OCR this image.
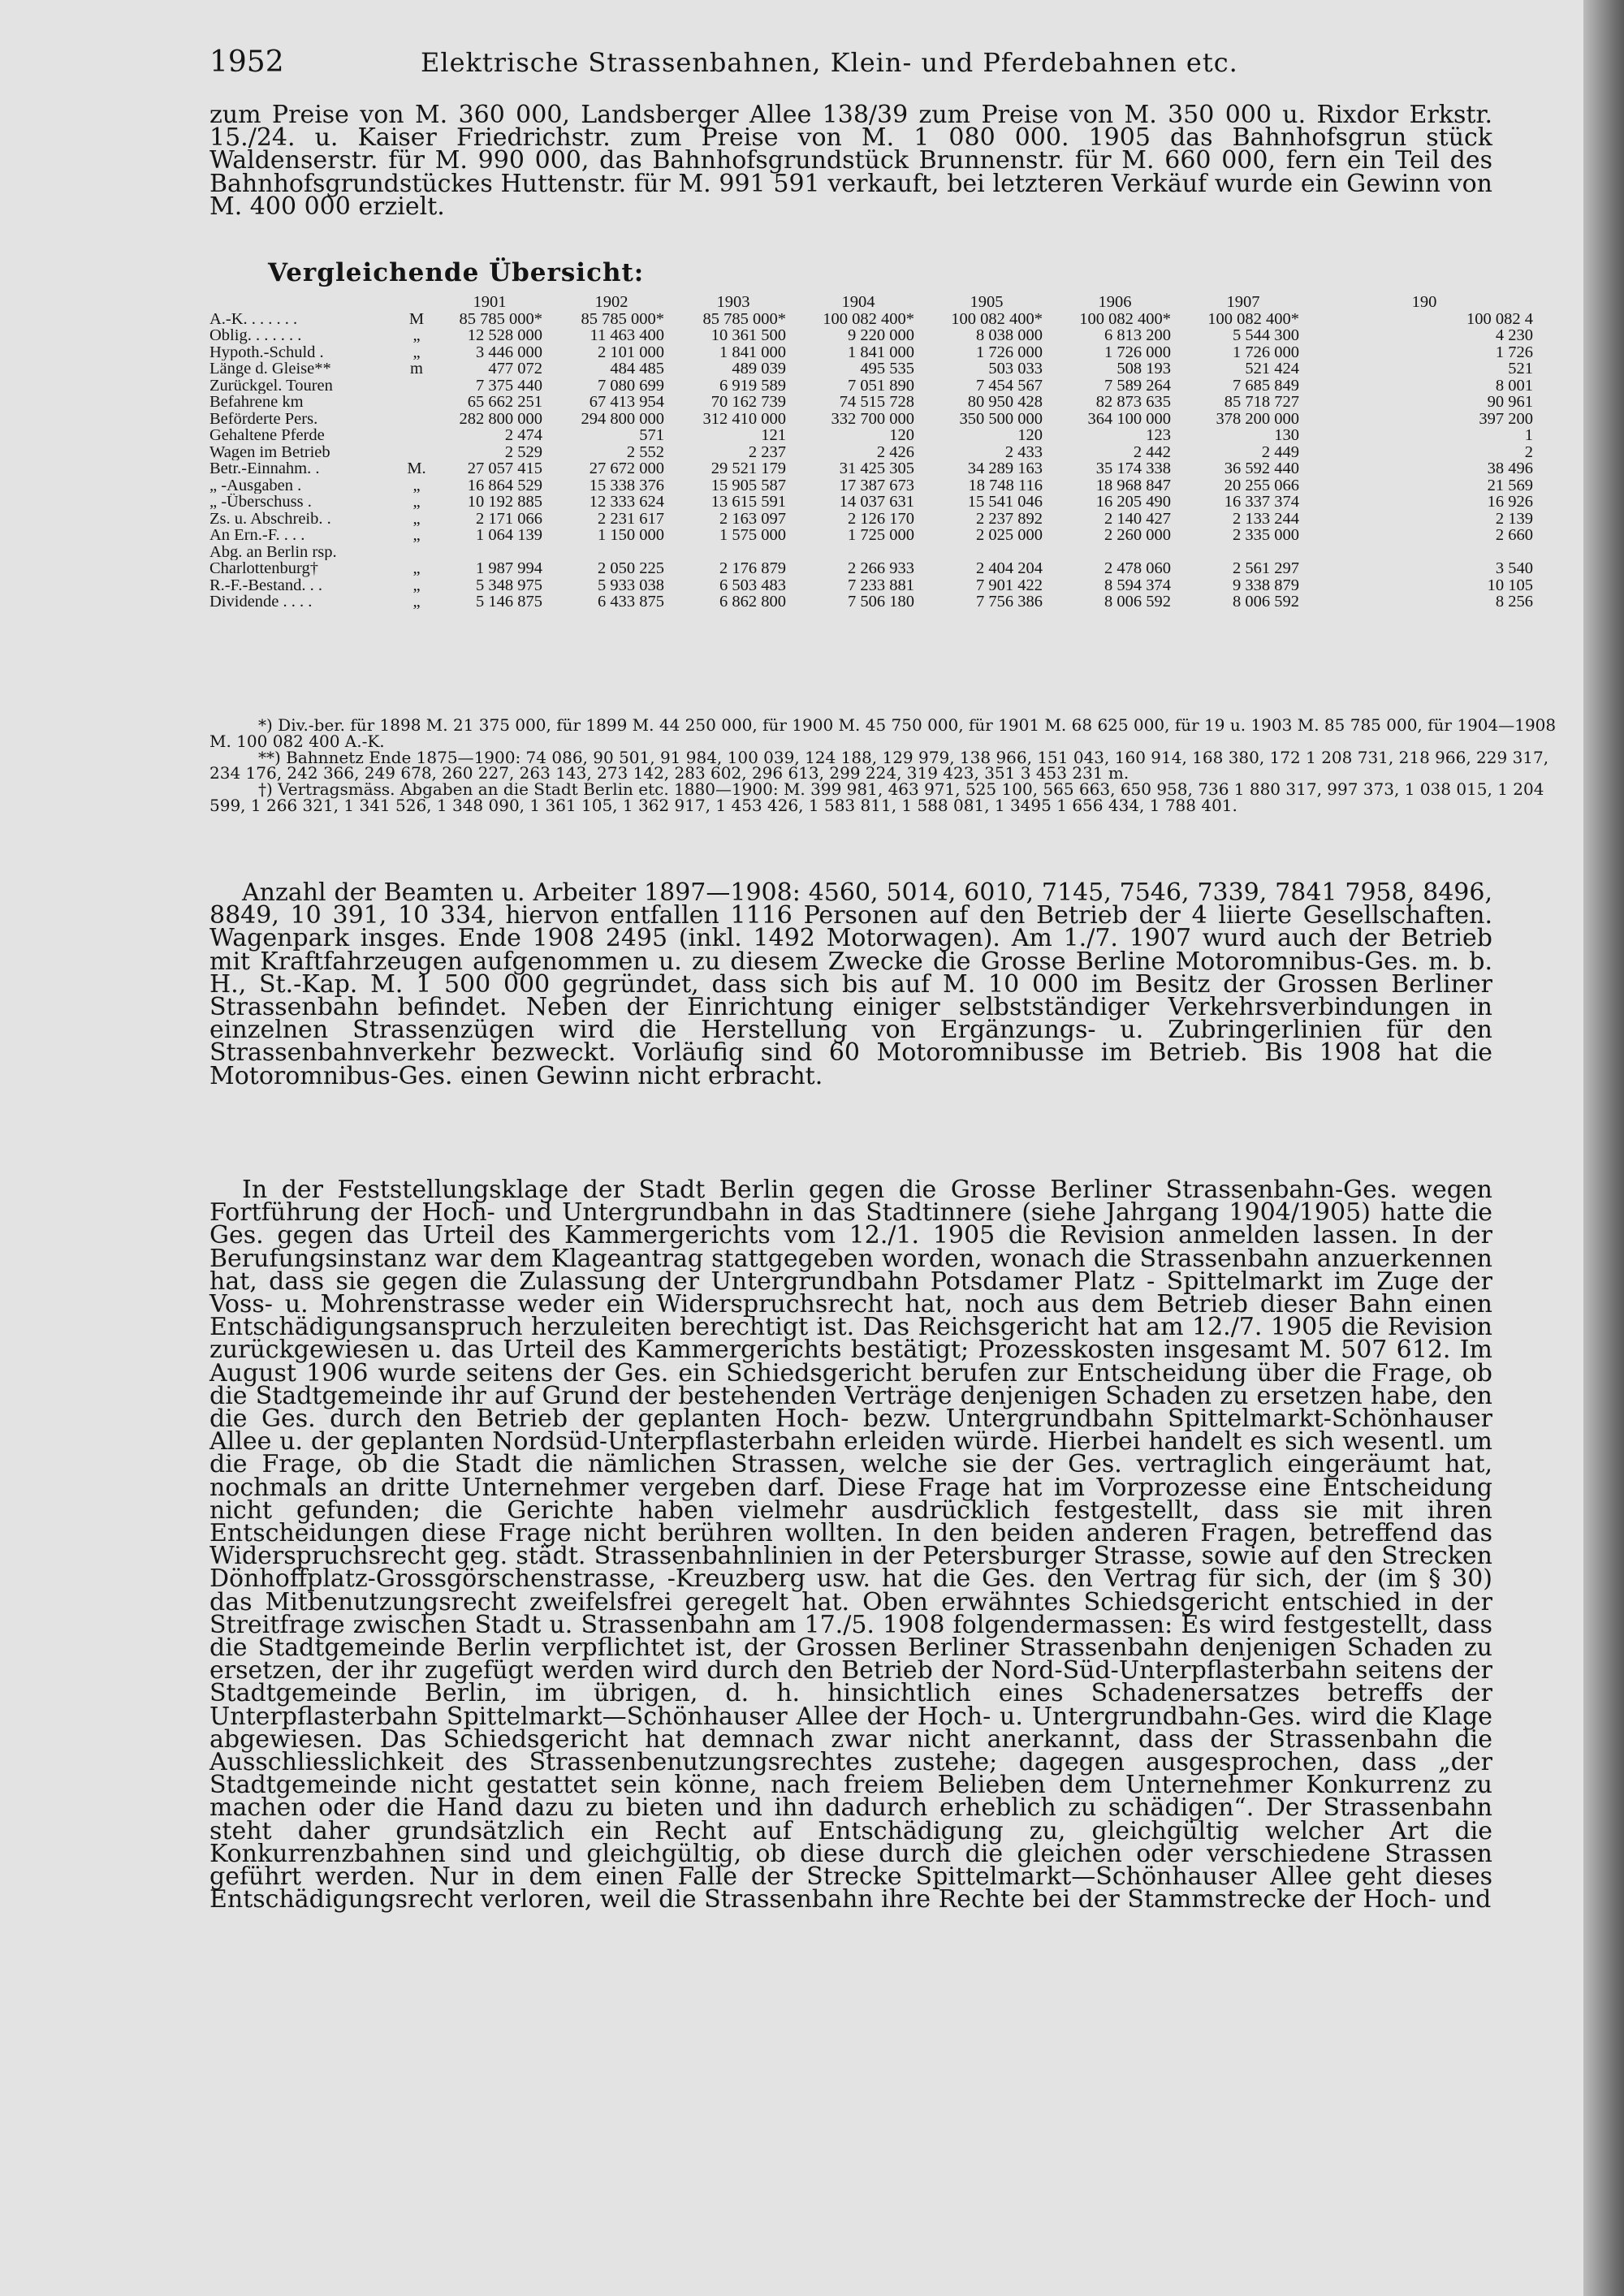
1952	Elektrische Strassenbahnen, Klein- und Pferdebahnen etc.

zum Preise von M. 360 000, Landsberger Allee 138/39 zum Preise von M. 350 000 u. Rixdor Erkstr. 15./24. u. Kaiser Friedrichstr. zum Preise von M. 1 080 000. 1905 das Bahnhofsgrun stück Waldenserstr. für M. 990 000, das Bahnhofsgrundstück Brunnenstr. für M. 660 000, fern ein Teil des Bahnhofsgrundstückes Huttenstr. für M. 991 591 verkauft, bei letzteren Verkäuf wurde ein Gewinn von M. 400 000 erzielt.

Vergleichende Übersicht:
		1901	1902	1903	1904	1905	1906	1907	190
A.-K. . . . . . .	M	85 785 000*	85 785 000*	85 785 000*	100 082 400*	100 082 400*	100 082 400*	100 082 400*	100 082 4
Oblig. . . . . . .	„	12 528 000	11 463 400	10 361 500	9 220 000	8 038 000	6 813 200	5 544 300	4 230
Hypoth.-Schuld .	„	3 446 000	2 101 000	1 841 000	1 841 000	1 726 000	1 726 000	1 726 000	1 726
Länge d. Gleise**	m	477 072	484 485	489 039	495 535	503 033	508 193	521 424	521
Zurückgel. Touren		7 375 440	7 080 699	6 919 589	7 051 890	7 454 567	7 589 264	7 685 849	8 001
Befahrene km		65 662 251	67 413 954	70 162 739	74 515 728	80 950 428	82 873 635	85 718 727	90 961
Beförderte Pers.		282 800 000	294 800 000	312 410 000	332 700 000	350 500 000	364 100 000	378 200 000	397 200
Gehaltene Pferde		2 474	571	121	120	120	123	130	1
Wagen im Betrieb		2 529	2 552	2 237	2 426	2 433	2 442	2 449	2
Betr.-Einnahm. .	M.	27 057 415	27 672 000	29 521 179	31 425 305	34 289 163	35 174 338	36 592 440	38 496
„ -Ausgaben .	„	16 864 529	15 338 376	15 905 587	17 387 673	18 748 116	18 968 847	20 255 066	21 569
„ -Überschuss .	„	10 192 885	12 333 624	13 615 591	14 037 631	15 541 046	16 205 490	16 337 374	16 926
Zs. u. Abschreib. .	„	2 171 066	2 231 617	2 163 097	2 126 170	2 237 892	2 140 427	2 133 244	2 139
An Ern.-F. . . .	„	1 064 139	1 150 000	1 575 000	1 725 000	2 025 000	2 260 000	2 335 000	2 660
Abg. an Berlin rsp.									
Charlottenburg†	„	1 987 994	2 050 225	2 176 879	2 266 933	2 404 204	2 478 060	2 561 297	3 540
R.-F.-Bestand. . .	„	5 348 975	5 933 038	6 503 483	7 233 881	7 901 422	8 594 374	9 338 879	10 105
Dividende . . . .	„	5 146 875	6 433 875	6 862 800	7 506 180	7 756 386	8 006 592	8 006 592	8 256

*) Div.-ber. für 1898 M. 21 375 000, für 1899 M. 44 250 000, für 1900 M. 45 750 000, für 1901 M. 68 625 000, für 19 u. 1903 M. 85 785 000, für 1904—1908 M. 100 082 400 A.-K.

**) Bahnnetz Ende 1875—1900: 74 086, 90 501, 91 984, 100 039, 124 188, 129 979, 138 966, 151 043, 160 914, 168 380, 172 1 208 731, 218 966, 229 317, 234 176, 242 366, 249 678, 260 227, 263 143, 273 142, 283 602, 296 613, 299 224, 319 423, 351 3 453 231 m.

†) Vertragsmäss. Abgaben an die Stadt Berlin etc. 1880—1900: M. 399 981, 463 971, 525 100, 565 663, 650 958, 736 1 880 317, 997 373, 1 038 015, 1 204 599, 1 266 321, 1 341 526, 1 348 090, 1 361 105, 1 362 917, 1 453 426, 1 583 811, 1 588 081, 1 3495 1 656 434, 1 788 401.

Anzahl der Beamten u. Arbeiter 1897—1908: 4560, 5014, 6010, 7145, 7546, 7339, 7841 7958, 8496, 8849, 10 391, 10 334, hiervon entfallen 1116 Personen auf den Betrieb der 4 liierte Gesellschaften. Wagenpark insges. Ende 1908 2495 (inkl. 1492 Motorwagen). Am 1./7. 1907 wurd auch der Betrieb mit Kraftfahrzeugen aufgenommen u. zu diesem Zwecke die Grosse Berline Motoromnibus-Ges. m. b. H., St.-Kap. M. 1 500 000 gegründet, dass sich bis auf M. 10 000 im Besitz der Grossen Berliner Strassenbahn befindet. Neben der Einrichtung einiger selbstständiger Verkehrsverbindungen in einzelnen Strassenzügen wird die Herstellung von Ergänzungs- u. Zubringerlinien für den Strassenbahnverkehr bezweckt. Vorläufig sind 60 Motoromnibusse im Betrieb. Bis 1908 hat die Motoromnibus-Ges. einen Gewinn nicht erbracht.

In der Feststellungsklage der Stadt Berlin gegen die Grosse Berliner Strassenbahn-Ges. wegen Fortführung der Hoch- und Untergrundbahn in das Stadtinnere (siehe Jahrgang 1904/1905) hatte die Ges. gegen das Urteil des Kammergerichts vom 12./1. 1905 die Revision anmelden lassen. In der Berufungsinstanz war dem Klageantrag stattgegeben worden, wonach die Strassenbahn anzuerkennen hat, dass sie gegen die Zulassung der Untergrundbahn Potsdamer Platz - Spittelmarkt im Zuge der Voss- u. Mohrenstrasse weder ein Widerspruchsrecht hat, noch aus dem Betrieb dieser Bahn einen Entschädigungsanspruch herzuleiten berechtigt ist. Das Reichsgericht hat am 12./7. 1905 die Revision zurückgewiesen u. das Urteil des Kammergerichts bestätigt; Prozesskosten insgesamt M. 507 612. Im August 1906 wurde seitens der Ges. ein Schiedsgericht berufen zur Entscheidung über die Frage, ob die Stadtgemeinde ihr auf Grund der bestehenden Verträge denjenigen Schaden zu ersetzen habe, den die Ges. durch den Betrieb der geplanten Hoch- bezw. Untergrundbahn Spittelmarkt-Schönhauser Allee u. der geplanten Nordsüd-Unterpflasterbahn erleiden würde. Hierbei handelt es sich wesentl. um die Frage, ob die Stadt die nämlichen Strassen, welche sie der Ges. vertraglich eingeräumt hat, nochmals an dritte Unternehmer vergeben darf. Diese Frage hat im Vorprozesse eine Entscheidung nicht gefunden; die Gerichte haben vielmehr ausdrücklich festgestellt, dass sie mit ihren Entscheidungen diese Frage nicht berühren wollten. In den beiden anderen Fragen, betreffend das Widerspruchsrecht geg. städt. Strassenbahnlinien in der Petersburger Strasse, sowie auf den Strecken Dönhoffplatz-Grossgörschenstrasse, -Kreuzberg usw. hat die Ges. den Vertrag für sich, der (im § 30) das Mitbenutzungsrecht zweifelsfrei geregelt hat. Oben erwähntes Schiedsgericht entschied in der Streitfrage zwischen Stadt u. Strassenbahn am 17./5. 1908 folgendermassen: Es wird festgestellt, dass die Stadtgemeinde Berlin verpflichtet ist, der Grossen Berliner Strassenbahn denjenigen Schaden zu ersetzen, der ihr zugefügt werden wird durch den Betrieb der Nord-Süd-Unterpflasterbahn seitens der Stadtgemeinde Berlin, im übrigen, d. h. hinsichtlich eines Schadenersatzes betreffs der Unterpflasterbahn Spittelmarkt—Schönhauser Allee der Hoch- u. Untergrundbahn-Ges. wird die Klage abgewiesen. Das Schiedsgericht hat demnach zwar nicht anerkannt, dass der Strassenbahn die Ausschliesslichkeit des Strassenbenutzungsrechtes zustehe; dagegen ausgesprochen, dass „der Stadtgemeinde nicht gestattet sein könne, nach freiem Belieben dem Unternehmer Konkurrenz zu machen oder die Hand dazu zu bieten und ihn dadurch erheblich zu schädigen“. Der Strassenbahn steht daher grundsätzlich ein Recht auf Entschädigung zu, gleichgültig welcher Art die Konkurrenzbahnen sind und gleichgültig, ob diese durch die gleichen oder verschiedene Strassen geführt werden. Nur in dem einen Falle der Strecke Spittelmarkt—Schönhauser Allee geht dieses Entschädigungsrecht verloren, weil die Strassenbahn ihre Rechte bei der Stammstrecke der Hoch- und
